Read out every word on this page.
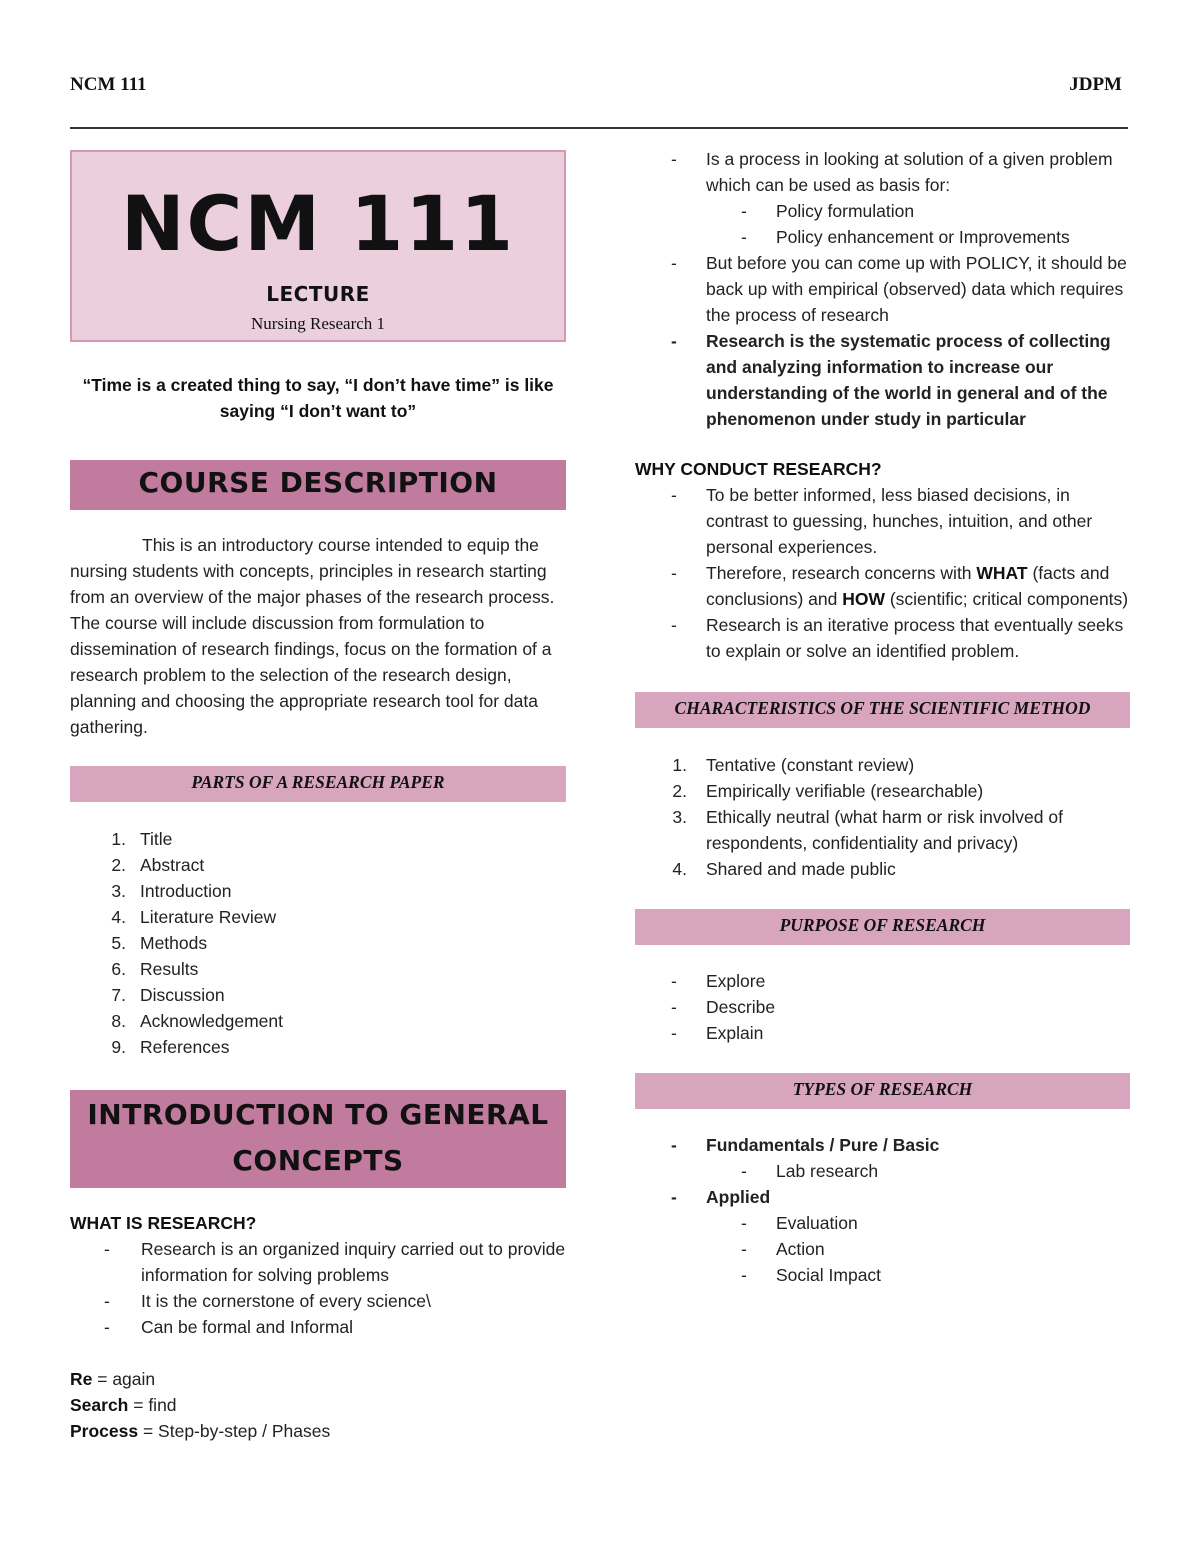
NCM 111	JDPM
NCM 111
LECTURE
Nursing Research 1
“Time is a created thing to say, “I don’t have time” is like saying “I don’t want to”
COURSE DESCRIPTION
This is an introductory course intended to equip the nursing students with concepts, principles in research starting from an overview of the major phases of the research process. The course will include discussion from formulation to dissemination of research findings, focus on the formation of a research problem to the selection of the research design, planning and choosing the appropriate research tool for data gathering.
PARTS OF A RESEARCH PAPER
1. Title
2. Abstract
3. Introduction
4. Literature Review
5. Methods
6. Results
7. Discussion
8. Acknowledgement
9. References
INTRODUCTION TO GENERAL
CONCEPTS
WHAT IS RESEARCH?
- Research is an organized inquiry carried out to provide information for solving problems
- It is the cornerstone of every science\
- Can be formal and Informal
Re = again
Search = find
Process = Step-by-step / Phases
- Is a process in looking at solution of a given problem which can be used as basis for:
- Policy formulation
- Policy enhancement or Improvements
- But before you can come up with POLICY, it should be back up with empirical (observed) data which requires the process of research
- Research is the systematic process of collecting and analyzing information to increase our understanding of the world in general and of the phenomenon under study in particular
WHY CONDUCT RESEARCH?
- To be better informed, less biased decisions, in contrast to guessing, hunches, intuition, and other personal experiences.
- Therefore, research concerns with WHAT (facts and conclusions) and HOW (scientific; critical components)
- Research is an iterative process that eventually seeks to explain or solve an identified problem.
CHARACTERISTICS OF THE SCIENTIFIC METHOD
1.	Tentative (constant review)
2.	Empirically verifiable (researchable)
3.	Ethically neutral (what harm or risk involved of respondents, confidentiality and privacy)
4.	Shared and made public
PURPOSE OF RESEARCH
- Explore
- Describe
- Explain
TYPES OF RESEARCH
- Fundamentals / Pure / Basic
- Lab research
- Applied
- Evaluation
- Action
- Social Impact
